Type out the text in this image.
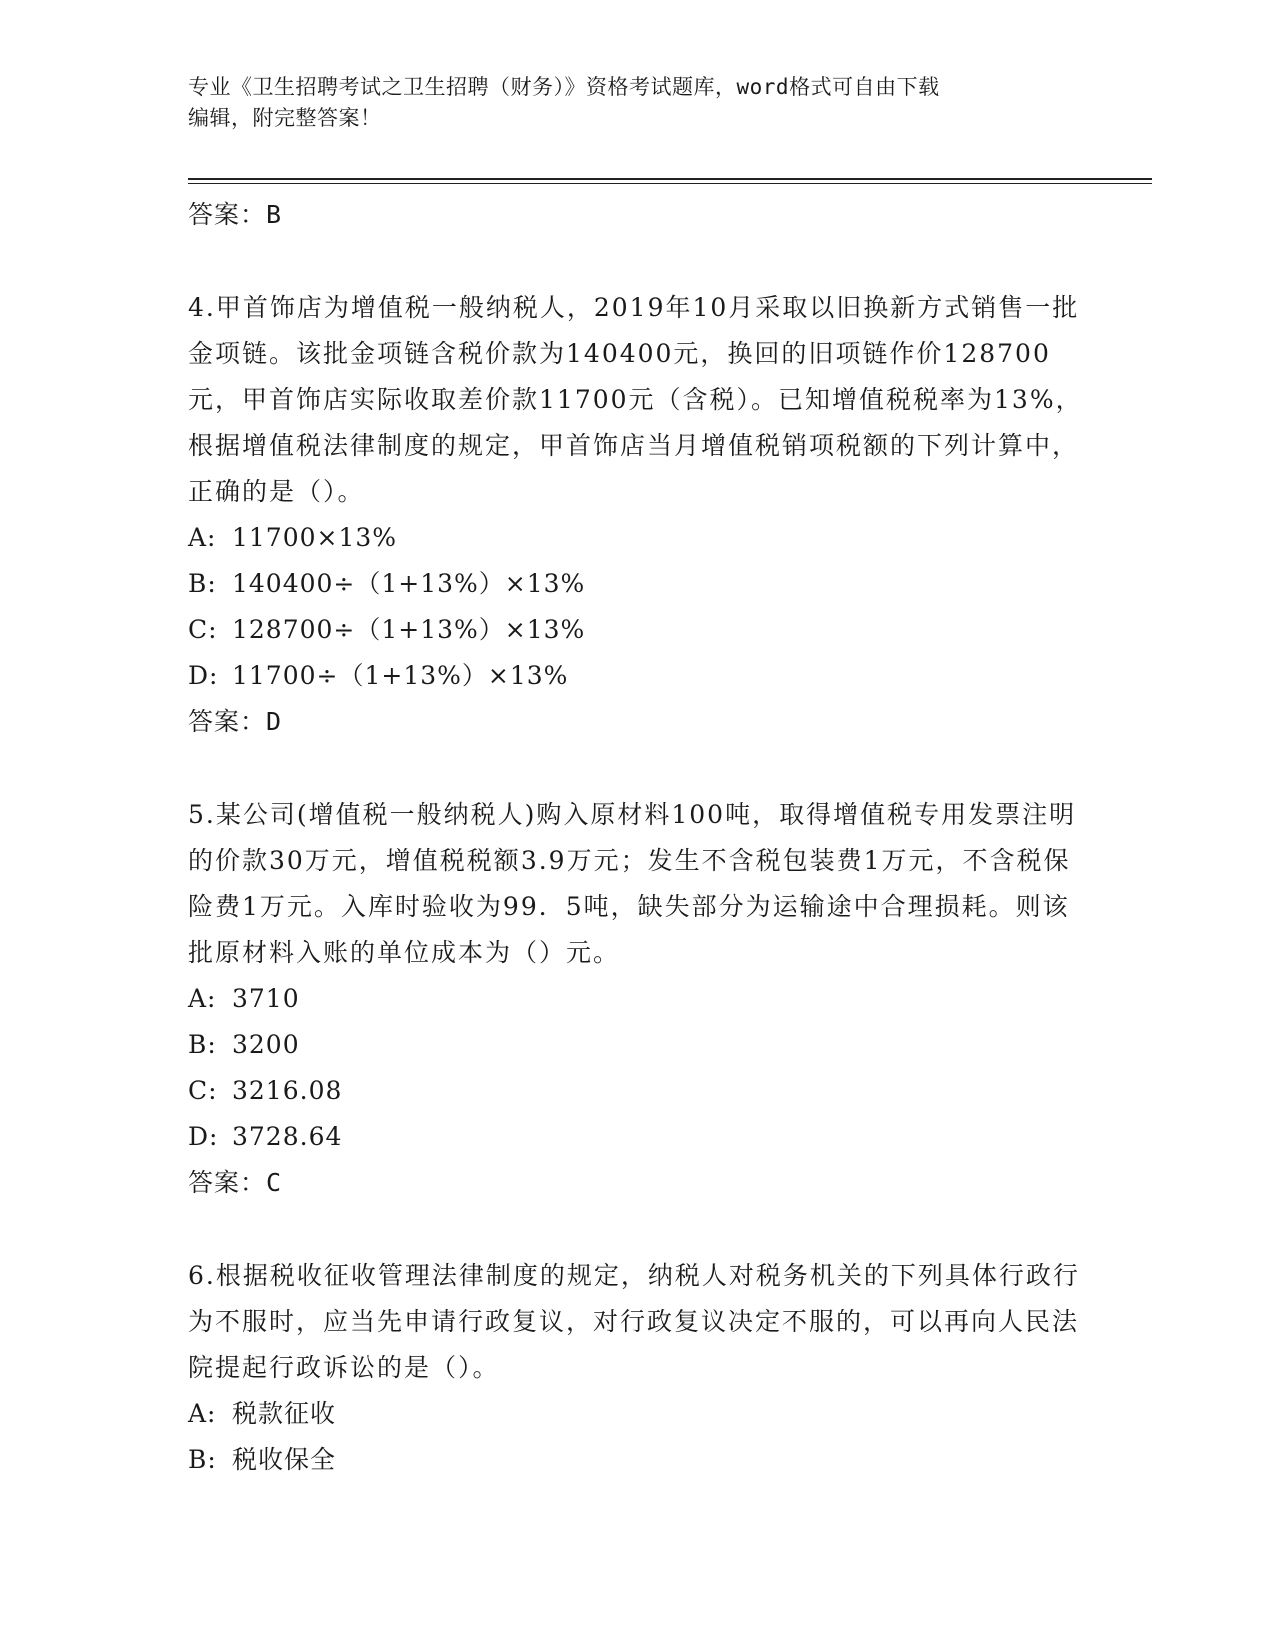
专业《卫生招聘考试之卫生招聘（财务）》资格考试题库，word格式可自由下载
编辑，附完整答案！
答案：B
4.甲首饰店为增值税一般纳税人，2019年10月采取以旧换新方式销售一批金项链。该批金项链含税价款为140400元，换回的旧项链作价128700元，甲首饰店实际收取差价款11700元（含税）。已知增值税税率为13%，根据增值税法律制度的规定，甲首饰店当月增值税销项税额的下列计算中，正确的是（）。
A: 11700×13%
B: 140400÷（1+13%）×13%
C: 128700÷（1+13%）×13%
D: 11700÷（1+13%）×13%
答案：D
5.某公司(增值税一般纳税人)购入原材料100吨，取得增值税专用发票注明的价款30万元，增值税税额3.9万元；发生不含税包装费1万元，不含税保险费1万元。入库时验收为99．5吨，缺失部分为运输途中合理损耗。则该批原材料入账的单位成本为（）元。
A: 3710
B: 3200
C: 3216.08
D: 3728.64
答案：C
6.根据税收征收管理法律制度的规定，纳税人对税务机关的下列具体行政行为不服时，应当先申请行政复议，对行政复议决定不服的，可以再向人民法院提起行政诉讼的是（）。
A: 税款征收
B: 税收保全
